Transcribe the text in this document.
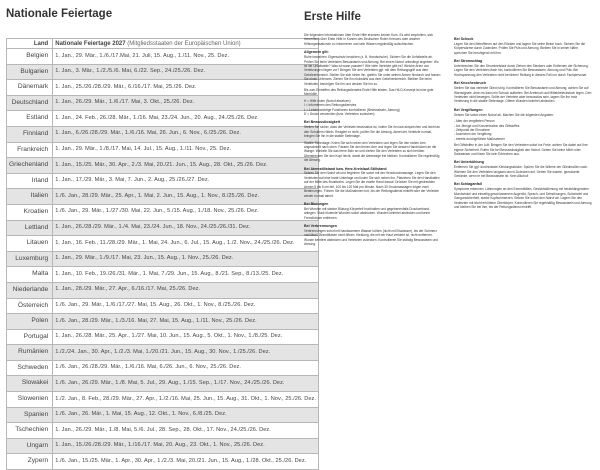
Nationale Feiertage
Land	Nationale Feiertage 2027 (Mitgliedsstaaten der Europäischen Union)
Belgien	1. Jan., 29. Mär., 1./6./17.Mai, 21. Juli, 15. Aug., 1./11. Nov., 25. Dez.
Bulgarien	1. Jan., 3. Mär., 1./2./5./6. Mai, 6./22. Sep., 24./25./26. Dez.
Dänemark	1. Jan., 25./26./28./29. Mär., 6./16./17. Mai, 25./26. Dez.
Deutschland	1. Jan., 26./29. Mär., 1./6./17. Mai, 3. Okt., 25./26. Dez.
Estland	1. Jan., 24. Feb., 26./28. Mär., 1./16. Mai, 23./24. Jun., 20. Aug., 24./25./26. Dez.
Finnland	1. Jan., 6./26./28./29. Mär., 1./6./16. Mai, 26. Jun., 6. Nov., 6./25./26. Dez.
Frankreich	1. Jan., 29. Mär., 1./8./17. Mai, 14. Jul., 15. Aug., 1./11. Nov., 25. Dez.
Griechenland	1. Jan., 15./25. Mär., 30. Apr., 2./3. Mai, 20./21. Jun., 15. Aug., 28. Okt., 25./26. Dez.
Irland	1. Jan., 17./29. Mär., 3. Mai, 7. Jun., 2. Aug., 25./26./27. Dez.
Italien	1./6. Jan., 28./29. Mär., 25. Apr., 1. Mai, 2. Jun., 15. Aug., 1. Nov., 8./25./26. Dez.
Kroatien	1./6. Jan., 29. Mär., 1./27./30. Mai, 22. Jun., 5./15. Aug., 1./18. Nov., 25./26. Dez.
Lettland	1. Jan., 26./28./29. Mär., 1./4. Mai, 23./24. Jun., 18. Nov., 24./25./26./31. Dez.
Litauen	1. Jan., 16. Feb., 11./28./29. Mär., 1. Mai, 24. Jun., 6. Jul., 15. Aug., 1./2. Nov., 24./25./26. Dez.
Luxemburg	1. Jan., 29. Mär., 1./9./17. Mai, 23. Jun., 15. Aug., 1. Nov., 25./26. Dez.
Malta	1. Jan., 10. Feb., 19./26./31. Mär., 1. Mai, 7./29. Jun., 15. Aug., 8./21. Sep., 8./13./25. Dez.
Niederlande	1. Jan., 28./29. Mär., 27. Apr., 6./16./17. Mai, 25./26. Dez.
Österreich	1./6. Jan., 29. Mär., 1./6./17./27. Mai, 15. Aug., 26. Okt., 1. Nov., 8./25./26. Dez.
Polen	1./6. Jan., 28./29. Mär., 1./3./16. Mai, 27. Mai, 15. Aug., 1./11. Nov., 25./26. Dez.
Portugal	1. Jan., 26./28. Mär., 25. Apr., 1./27. Mai, 10. Jun., 15. Aug., 5. Okt., 1. Nov., 1./8./25. Dez.
Rumänien	1./2./24. Jan., 30. Apr., 1./2./3. Mai, 1./20./21. Jun., 15. Aug., 30. Nov., 1./25./26. Dez.
Schweden	1./6. Jan., 26./28./29. Mär., 1./6./16. Mai, 6./26. Jun., 6. Nov., 25./26. Dez.
Slowakei	1./6. Jan., 26./29. Mär., 1./8. Mai, 5. Jul., 29. Aug., 1./15. Sep., 1./17. Nov., 24./25./26. Dez.
Slowenien	1./2. Jan., 8. Feb., 28./29. Mär., 27. Apr., 1./2./16. Mai, 25. Jun., 15. Aug., 31. Okt., 1. Nov., 25./26. Dez.
Spanien	1./6. Jan., 26. Mär., 1. Mai, 15. Aug., 12. Okt., 1. Nov., 6./8./25. Dez.
Tschechien	1. Jan., 26./29. Mär., 1./8. Mai, 5./6. Jul., 28. Sep., 28. Okt., 17. Nov., 24./25./26. Dez.
Ungarn	1. Jan., 15./26./28./29. Mär., 1./16./17. Mai, 20. Aug., 23. Okt., 1. Nov., 25./26. Dez.
Zypern	1./6. Jan., 15./25. Mär., 1. Apr., 30. Apr., 1./2./3. Mai, 20./21. Jun., 15. Aug., 1./28. Okt., 25./26. Dez.
Erste Hilfe

Die folgenden Informationen über Erste Hilfe ersetzen keinen Kurs. Es wird empfohlen, sich theoretisch über Erste Hilfe in Kursen des Deutschen Roten Kreuzes oder anderer Hilfsorganisationen zu informieren und sein Wissen regelmäßig aufzufrischen.

Allgemein gilt:

Ruhe bewahren. Eigenschutz beachten (z. B. Handschuhe). Sichern Sie die Unfallstelle ab. Prüfen Sie beim Verletzten Bewusstsein und Atmung. Bei einem Notruf unbedingt angeben: Wo ist die Unfallstelle? Was ist wann passiert? Wie viele Verletzte gibt es? Welche Arten von Verletzungen liegen vor? Bringen Sie den Verletzten ggf. mit dem Rettungsgriff aus dem Gefahrenbereich. Stellen Sie sich hinter ihn, greifen Sie unter seinen Armen hindurch und fassen Sie einen Unterarm. Ziehen Sie ihn rückwärts aus dem Gefahrenbereich. Bleiben Sie beim Verletzten, beruhigen Sie ihn und decken Sie ihn zu.

Bis zum Eintreffen des Rettungsdienstes Erste Hilfe leisten. Das HILD-Konzept ist eine gute Merkhilfe.

H = Hilfe holen (Notruf absetzen)
I = Informieren des Rettungsdienstes
L = Lebenswichtige Funktionen kontrollieren (Bewusstsein, Atmung)
D = Decke verwenden (bzw. Verletzten zudecken)
Bei Bewusstlosigkeit

Stellen Sie sicher, dass der Verletzte bewusstlos ist, indem Sie ihn laut ansprechen und leicht an den Schultern rütteln. Reagiert er nicht, prüfen Sie die Atmung. Atmet der Verletzte normal, bringen Sie ihn in die stabile Seitenlage.

Stabile Seitenlage: Knien Sie sich neben den Verletzten und legen Sie den nahen Arm angewinkelt nach oben. Fassen Sie den fernen Arm und legen Sie dessen Handrücken an die Wange. Winkeln Sie das ferne Bein an und ziehen Sie den Verletzten zu sich herüber. Überstrecken Sie den Kopf leicht, damit die Atemwege frei bleiben. Kontrollieren Sie regelmäßig die Atmung.

Bei Atemstillstand bzw. Herz-Kreislauf-Stillstand

Setzen Sie den Notruf ab und beginnen Sie sofort mit der Herzdruckmassage. Legen Sie den Verletzten auf eine harte Unterlage und knien Sie sich neben ihn. Platzieren Sie den Handballen auf der Mitte des Brustkorbs. Legen Sie die zweite Hand darauf. Drücken Sie mit gestreckten Armen 5 bis 6 cm tief, 100 bis 120 Mal pro Minute. Nach 30 Druckmassagen folgen zwei Beatmungen. Führen Sie die Maßnahmen fort, bis der Rettungsdienst eintrifft oder der Verletzte wieder normal atmet.

Bei Blutungen

Bei Wunden mit starker Blutung Körperteil hochhalten und gegebenenfalls Druckverband anlegen. Stark blutende Wunden sofort abdrücken. Wunden keimfrei abdecken und keine Fremdkörper entfernen.

Bei Verbrennungen

Verbrennungen sofort mit handwarmem Wasser kühlen (nicht mit Eiswasser), bis der Schmerz nachlässt. Brandblasen nicht öffnen. Kleidung, die mit der Haut verklebt ist, nicht entfernen. Wunde keimfrei abdecken und Verletzten zudecken. Kontrollieren Sie ständig Bewusstsein und Atmung.

Bei Schock

Legen Sie den Betroffenen auf den Rücken und lagern Sie seine Beine hoch. Sichern Sie die Körperwärme durch Zudecken. Prüfen Sie Puls und Atmung. Bleiben Sie in seiner Nähe, sprechen Sie beruhigend mit ihm.

Bei Stromschlag

Unterbrechen Sie den Stromkreislauf durch Ziehen des Steckers oder Entfernen der Sicherung. Legen Sie den Verletzten flach hin, kontrollieren Sie Bewusstsein, Atmung und Puls. Bei Hochspannung den Verletzten nicht berühren! Rettung in diesem Fall nur durch Fachpersonal.

Bei Knochenbruch

Stellen Sie das verletzte Glied ruhig. Kontrollieren Sie Bewusstsein und Atmung, achten Sie auf Warnsignale, denn es kann ein Schock auftreten. Bei Armbruch auf Mitteldreieckstuch legen. Den Verletzten nicht bewegen. Sollte der Verletzte aber bewusstlos sein, lagern Sie ihn trotz Verletzung in die stabile Seitenlage. Offene Wunden keimfrei abdecken.

Bei Vergiftungen

Setzen Sie sofort einen Notruf ab. Machen Sie die folgenden Angaben:

- Alter der vergifteten Person
- Art, Menge und Konzentration des Giftstoffes
- Zeitpunkt der Einnahme
- Anzeichen der Vergiftung
- bereits durchgeführte Maßnahmen

Bei Giftstoffen in der Luft: Bringen Sie den Verletzten sofort ins Freie, achten Sie dabei auf Ihre eigene Sicherheit. Rufen Sie bei Bewusstlosigkeit den Notruf. Geben Sie keine Milch oder Salzwasser und lösen Sie kein Erbrechen aus.

Bei Unterkühlung

Entfernen Sie ggf. durchnässte Kleidungsstücke. Spüren Sie die Wärme der Gliedmaßen nach. Wärmen Sie den Verletzten langsam durch Zudecken auf. Geben Sie warme, gezuckerte Getränke, wenn er bei Bewusstsein ist. Kein Alkohol!

Bei Schlaganfall

Symptome erkennen: Lähmungen an den Extremitäten, Gesichtslähmung mit herabhängendem Mundwinkel und einseitig geschlossenem Augenlid, Sprach- und Sehstörungen, Schwindel und Gangunsicherheit, starke Kopfschmerzen. Setzen Sie sofort den Notruf ab. Lagern Sie den Verletzten mit leicht erhöhtem Oberkörper. Kontrollieren Sie regelmäßig Bewusstsein und Atmung und bleiben Sie bei ihm, bis der Rettungsdienst eintrifft.
